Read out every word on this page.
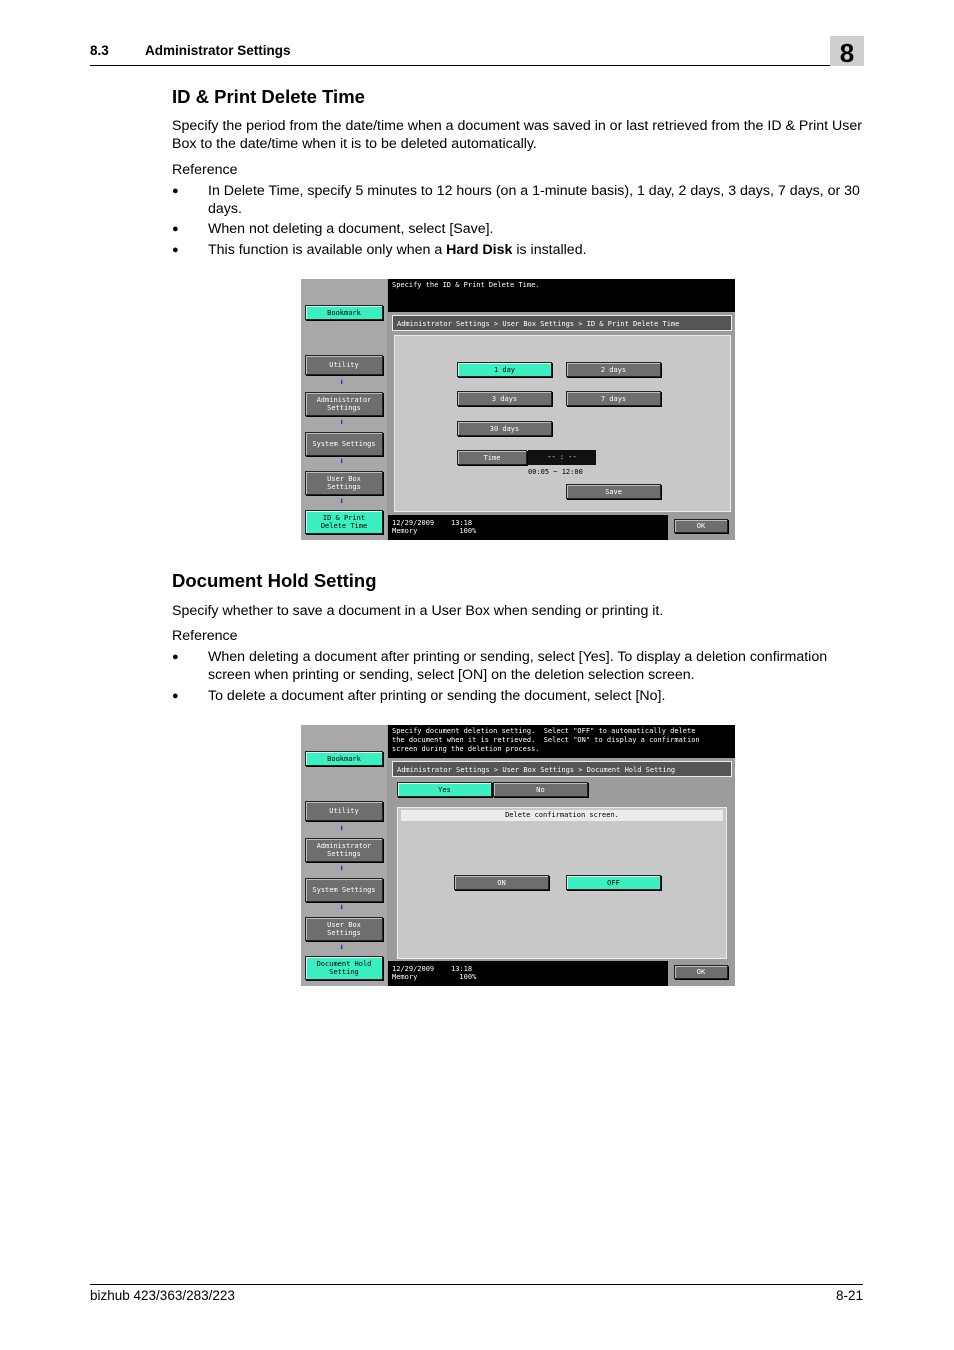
8.3	Administrator Settings	8
ID & Print Delete Time

Specify the period from the date/time when a document was saved in or last retrieved from the ID & Print User Box to the date/time when it is to be deleted automatically.

Reference

● In Delete Time, specify 5 minutes to 12 hours (on a 1-minute basis), 1 day, 2 days, 3 days, 7 days, or 30 days.

● When not deleting a document, select [Save].

● This function is available only when a Hard Disk is installed.

Specify the ID & Print Delete Time.
Bookmark
Utility
⬇
Administrator
Settings
⬇
System Settings
⬇
User Box
Settings
⬇
ID & Print
Delete Time
Administrator Settings > User Box Settings > ID & Print Delete Time
1 day	2 days
3 days	7 days
30 days
Time	-- : --
00:05 ~ 12:00
Save
12/29/2009    13:18
Memory          100%
OK
Document Hold Setting

Specify whether to save a document in a User Box when sending or printing it.

Reference

● When deleting a document after printing or sending, select [Yes]. To display a deletion confirmation screen when printing or sending, select [ON] on the deletion selection screen.

● To delete a document after printing or sending the document, select [No].

Specify document deletion setting.  Select "OFF" to automatically delete
the document when it is retrieved.  Select "ON" to display a confirmation
screen during the deletion process.
Bookmark
Utility
⬇
Administrator
Settings
⬇
System Settings
⬇
User Box
Settings
⬇
Document Hold
Setting
Administrator Settings > User Box Settings > Document Hold Setting
Yes	No
Delete confirmation screen.
ON	OFF
12/29/2009    13:18
Memory          100%
OK
bizhub 423/363/283/223	8-21
